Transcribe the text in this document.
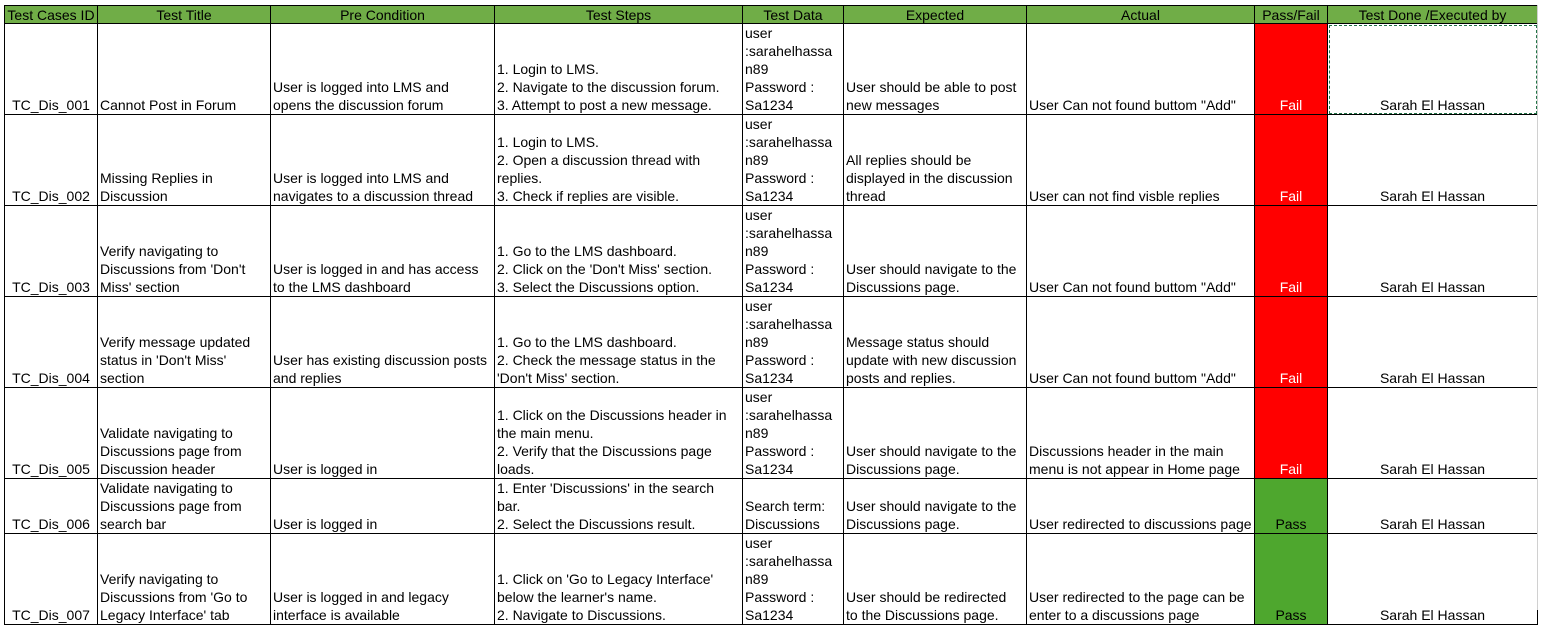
Test Cases ID	Test Title	Pre Condition	Test Steps	Test Data	Expected	Actual	Pass/Fail	Test Done /Executed by
TC_Dis_001	Cannot Post in Forum	User is logged into LMS and
opens the discussion forum	1. Login to LMS.
2. Navigate to the discussion forum.
3. Attempt to post a new message.	user
:sarahelhassa
n89
Password :
Sa1234	User should be able to post
new messages	User Can not found buttom "Add"	Fail	Sarah El Hassan
TC_Dis_002	Missing Replies in
Discussion	User is logged into LMS and
navigates to a discussion thread	1. Login to LMS.
2. Open a discussion thread with
replies.
3. Check if replies are visible.	user
:sarahelhassa
n89
Password :
Sa1234	All replies should be
displayed in the discussion
thread	User can not find visble replies	Fail	Sarah El Hassan
TC_Dis_003	Verify navigating to
Discussions from 'Don't
Miss' section	User is logged in and has access
to the LMS dashboard	1. Go to the LMS dashboard.
2. Click on the 'Don't Miss' section.
3. Select the Discussions option.	user
:sarahelhassa
n89
Password :
Sa1234	User should navigate to the
Discussions page.	User Can not found buttom "Add"	Fail	Sarah El Hassan
TC_Dis_004	Verify message updated
status in 'Don't Miss'
section	User has existing discussion posts
and replies	1. Go to the LMS dashboard.
2. Check the message status in the
'Don't Miss' section.	user
:sarahelhassa
n89
Password :
Sa1234	Message status should
update with new discussion
posts and replies.	User Can not found buttom "Add"	Fail	Sarah El Hassan
TC_Dis_005	Validate navigating to
Discussions page from
Discussion header	User is logged in	1. Click on the Discussions header in
the main menu.
2. Verify that the Discussions page
loads.	user
:sarahelhassa
n89
Password :
Sa1234	User should navigate to the
Discussions page.	Discussions header in the main
menu is not appear in Home page	Fail	Sarah El Hassan
TC_Dis_006	Validate navigating to
Discussions page from
search bar	User is logged in	1. Enter 'Discussions' in the search
bar.
2. Select the Discussions result.	Search term:
Discussions	User should navigate to the
Discussions page.	User redirected to discussions page	Pass	Sarah El Hassan
TC_Dis_007	Verify navigating to
Discussions from 'Go to
Legacy Interface' tab	User is logged in and legacy
interface is available	1. Click on 'Go to Legacy Interface'
below the learner's name.
2. Navigate to Discussions.	user
:sarahelhassa
n89
Password :
Sa1234	User should be redirected
to the Discussions page.	User redirected to the page can be
enter to a discussions page	Pass	Sarah El Hassan
